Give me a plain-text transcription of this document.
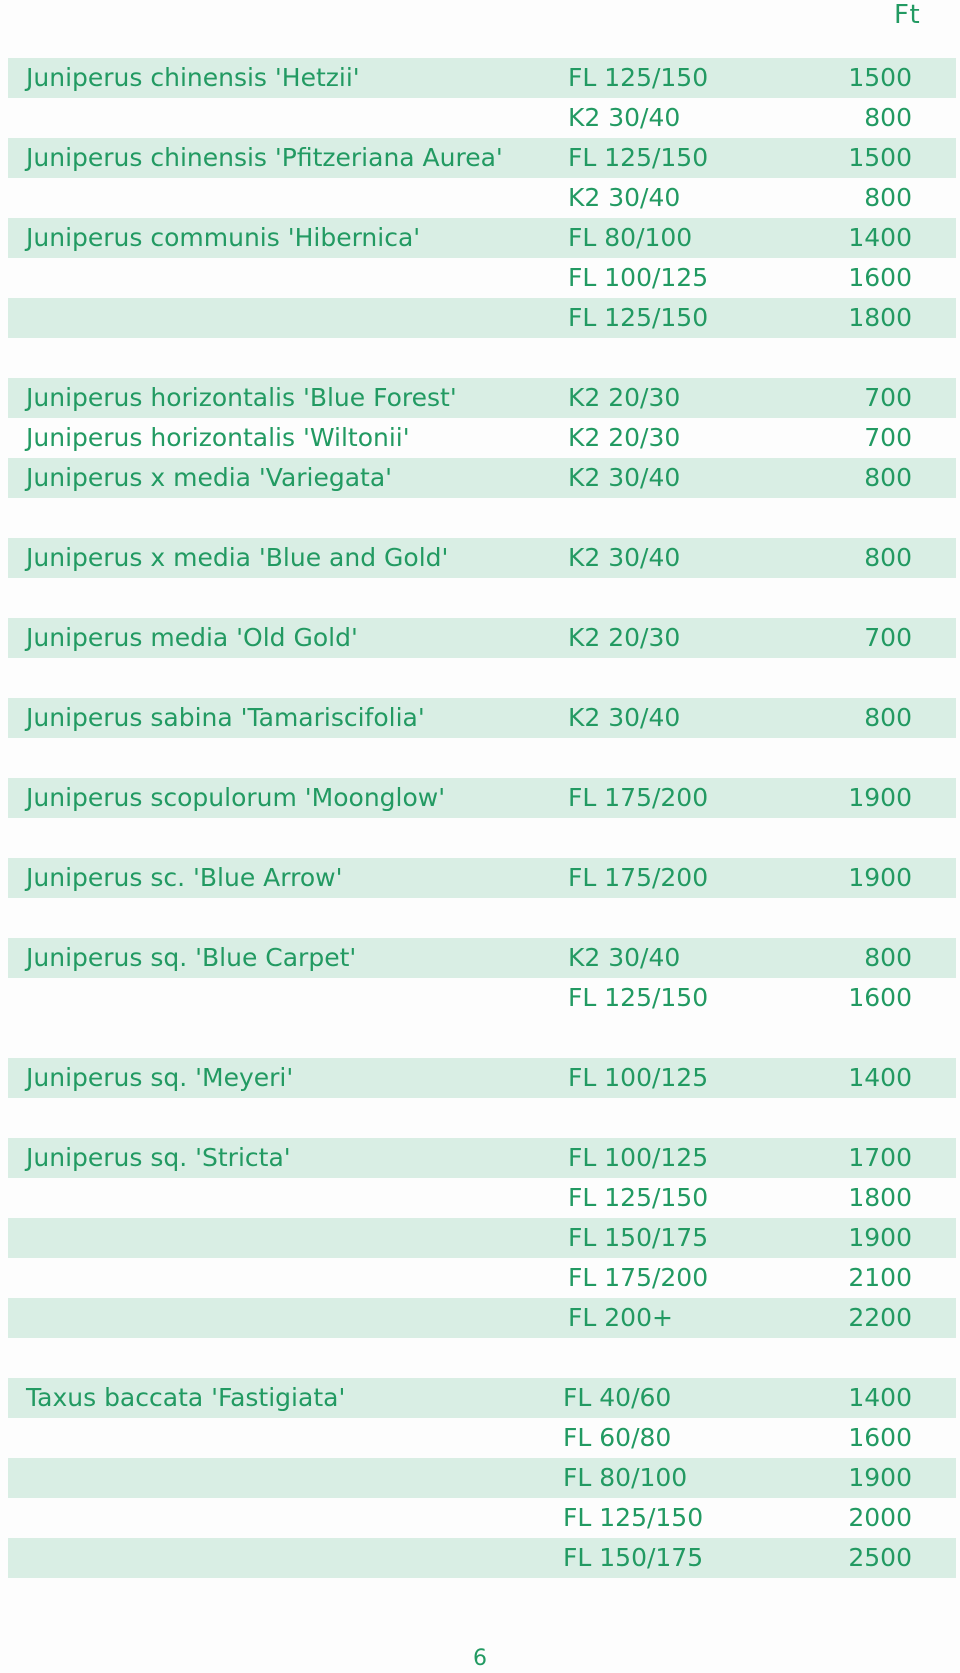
Ft
Juniperus chinensis 'Hetzii'	FL 125/150	1500
K2 30/40	800
Juniperus chinensis 'Pfitzeriana Aurea'	FL 125/150	1500
K2 30/40	800
Juniperus communis 'Hibernica'	FL 80/100	1400
FL 100/125	1600
FL 125/150	1800
Juniperus horizontalis 'Blue Forest'	K2 20/30	700
Juniperus horizontalis 'Wiltonii'	K2 20/30	700
Juniperus x media 'Variegata'	K2 30/40	800
Juniperus x media 'Blue and Gold'	K2 30/40	800
Juniperus media 'Old Gold'	K2 20/30	700
Juniperus sabina 'Tamariscifolia'	K2 30/40	800
Juniperus scopulorum 'Moonglow'	FL 175/200	1900
Juniperus sc. 'Blue Arrow'	FL 175/200	1900
Juniperus sq. 'Blue Carpet'	K2 30/40	800
FL 125/150	1600
Juniperus sq. 'Meyeri'	FL 100/125	1400
Juniperus sq. 'Stricta'	FL 100/125	1700
FL 125/150	1800
FL 150/175	1900
FL 175/200	2100
FL 200+	2200
Taxus baccata 'Fastigiata'	FL 40/60	1400
FL 60/80	1600
FL 80/100	1900
FL 125/150	2000
FL 150/175	2500
6
